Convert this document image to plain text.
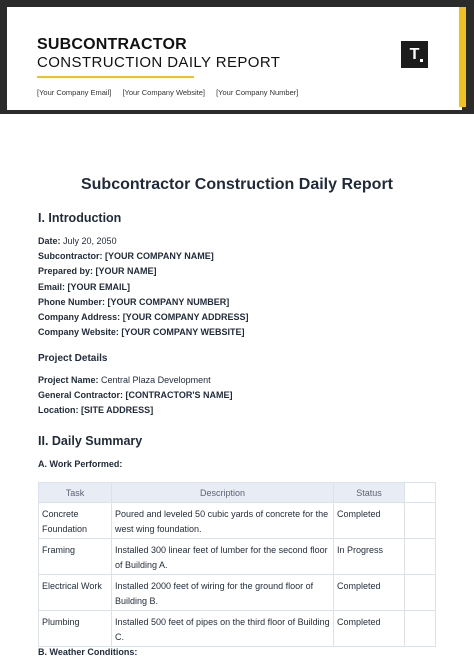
SUBCONTRACTOR
CONSTRUCTION DAILY REPORT
[Your Company Email] [Your Company Website] [Your Company Number]
T
Subcontractor Construction Daily Report
I. Introduction
Date: July 20, 2050
Subcontractor: [YOUR COMPANY NAME]
Prepared by: [YOUR NAME]
Email: [YOUR EMAIL]
Phone Number: [YOUR COMPANY NUMBER]
Company Address: [YOUR COMPANY ADDRESS]
Company Website: [YOUR COMPANY WEBSITE]
Project Details
Project Name: Central Plaza Development
General Contractor: [CONTRACTOR'S NAME]
Location: [SITE ADDRESS]
II. Daily Summary
A. Work Performed:
Task	Description	Status	
Concrete Foundation	Poured and leveled 50 cubic yards of concrete for the west wing foundation.	Completed	
Framing	Installed 300 linear feet of lumber for the second floor of Building A.	In Progress	
Electrical Work	Installed 2000 feet of wiring for the ground floor of Building B.	Completed	
Plumbing	Installed 500 feet of pipes on the third floor of Building C.	Completed	
B. Weather Conditions:
